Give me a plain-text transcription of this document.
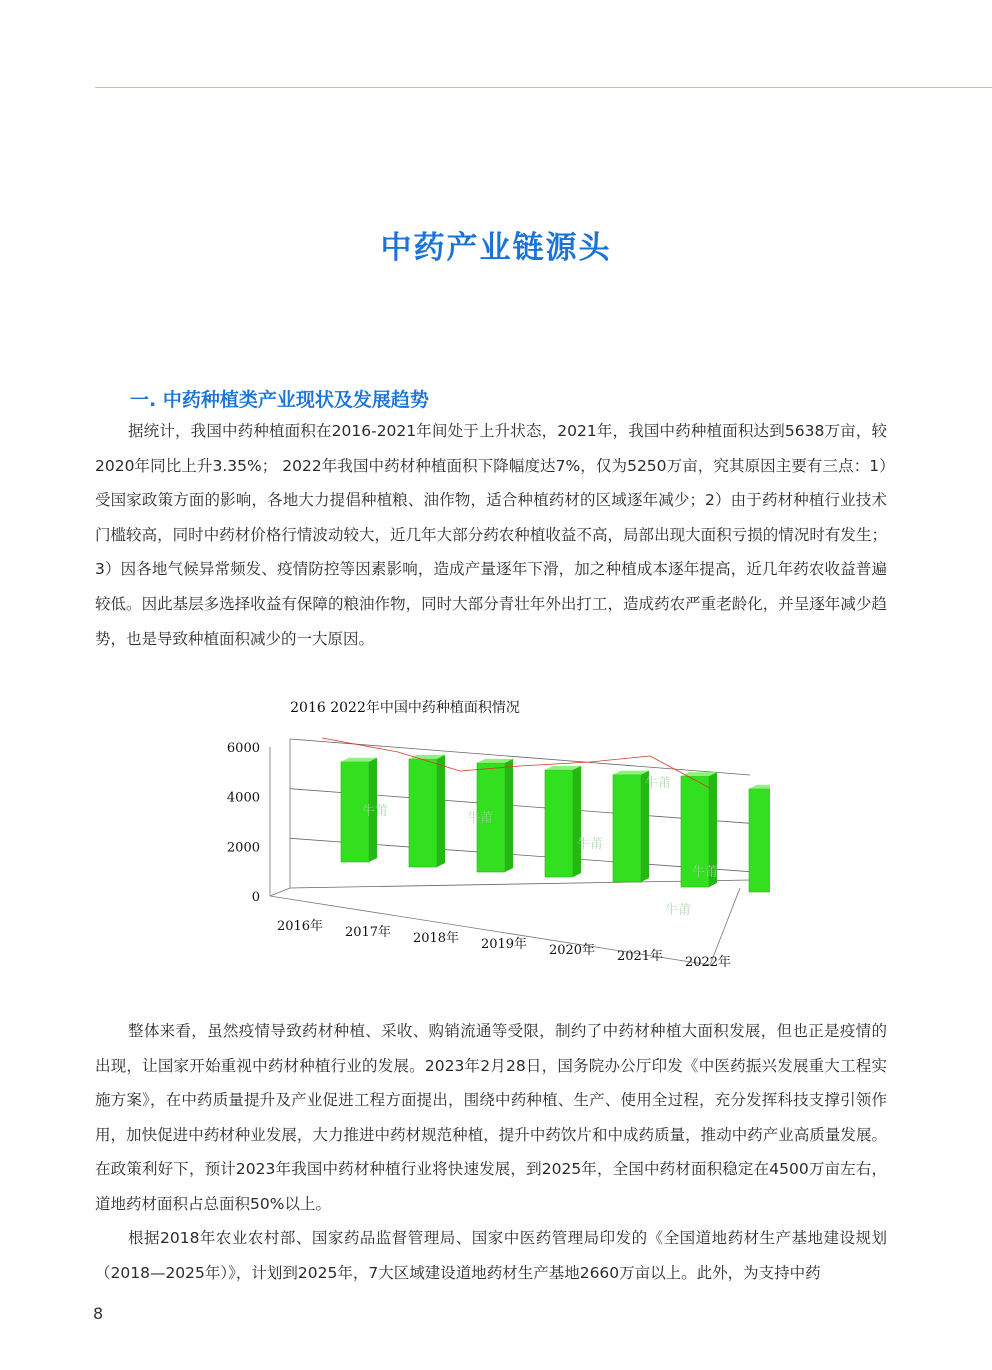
中药产业链源头
一. 中药种植类产业现状及发展趋势

据统计，我国中药种植面积在2016-2021年间处于上升状态，2021年，我国中药种植面积达到5638万亩，较2020年同比上升3.35%； 2022年我国中药材种植面积下降幅度达7%，仅为5250万亩，究其原因主要有三点：1）受国家政策方面的影响，各地大力提倡种植粮、油作物，适合种植药材的区域逐年减少；2）由于药材种植行业技术门槛较高，同时中药材价格行情波动较大，近几年大部分药农种植收益不高，局部出现大面积亏损的情况时有发生；3）因各地气候异常频发、疫情防控等因素影响，造成产量逐年下滑，加之种植成本逐年提高，近几年药农收益普遍较低。因此基层多选择收益有保障的粮油作物，同时大部分青壮年外出打工，造成药农严重老龄化，并呈逐年减少趋势，也是导致种植面积减少的一大原因。

2016 2022年中国中药种植面积情况
0
2000
4000
6000
2016年 2017年 2018年 2019年 2020年 2021年 2022年
牛莆	牛莆
牛莆
牛莆
牛莆
牛莆

整体来看，虽然疫情导致药材种植、采收、购销流通等受限，制约了中药材种植大面积发展，但也正是疫情的出现，让国家开始重视中药材种植行业的发展。2023年2月28日，国务院办公厅印发《中医药振兴发展重大工程实施方案》，在中药质量提升及产业促进工程方面提出，围绕中药种植、生产、使用全过程，充分发挥科技支撑引领作用，加快促进中药材种业发展，大力推进中药材规范种植，提升中药饮片和中成药质量，推动中药产业高质量发展。在政策利好下，预计2023年我国中药材种植行业将快速发展，到2025年，全国中药材面积稳定在4500万亩左右，道地药材面积占总面积50%以上。

根据2018年农业农村部、国家药品监督管理局、国家中医药管理局印发的《全国道地药材生产基地建设规划（2018—2025年）》，计划到2025年，7大区域建设道地药材生产基地2660万亩以上。此外，为支持中药

8
